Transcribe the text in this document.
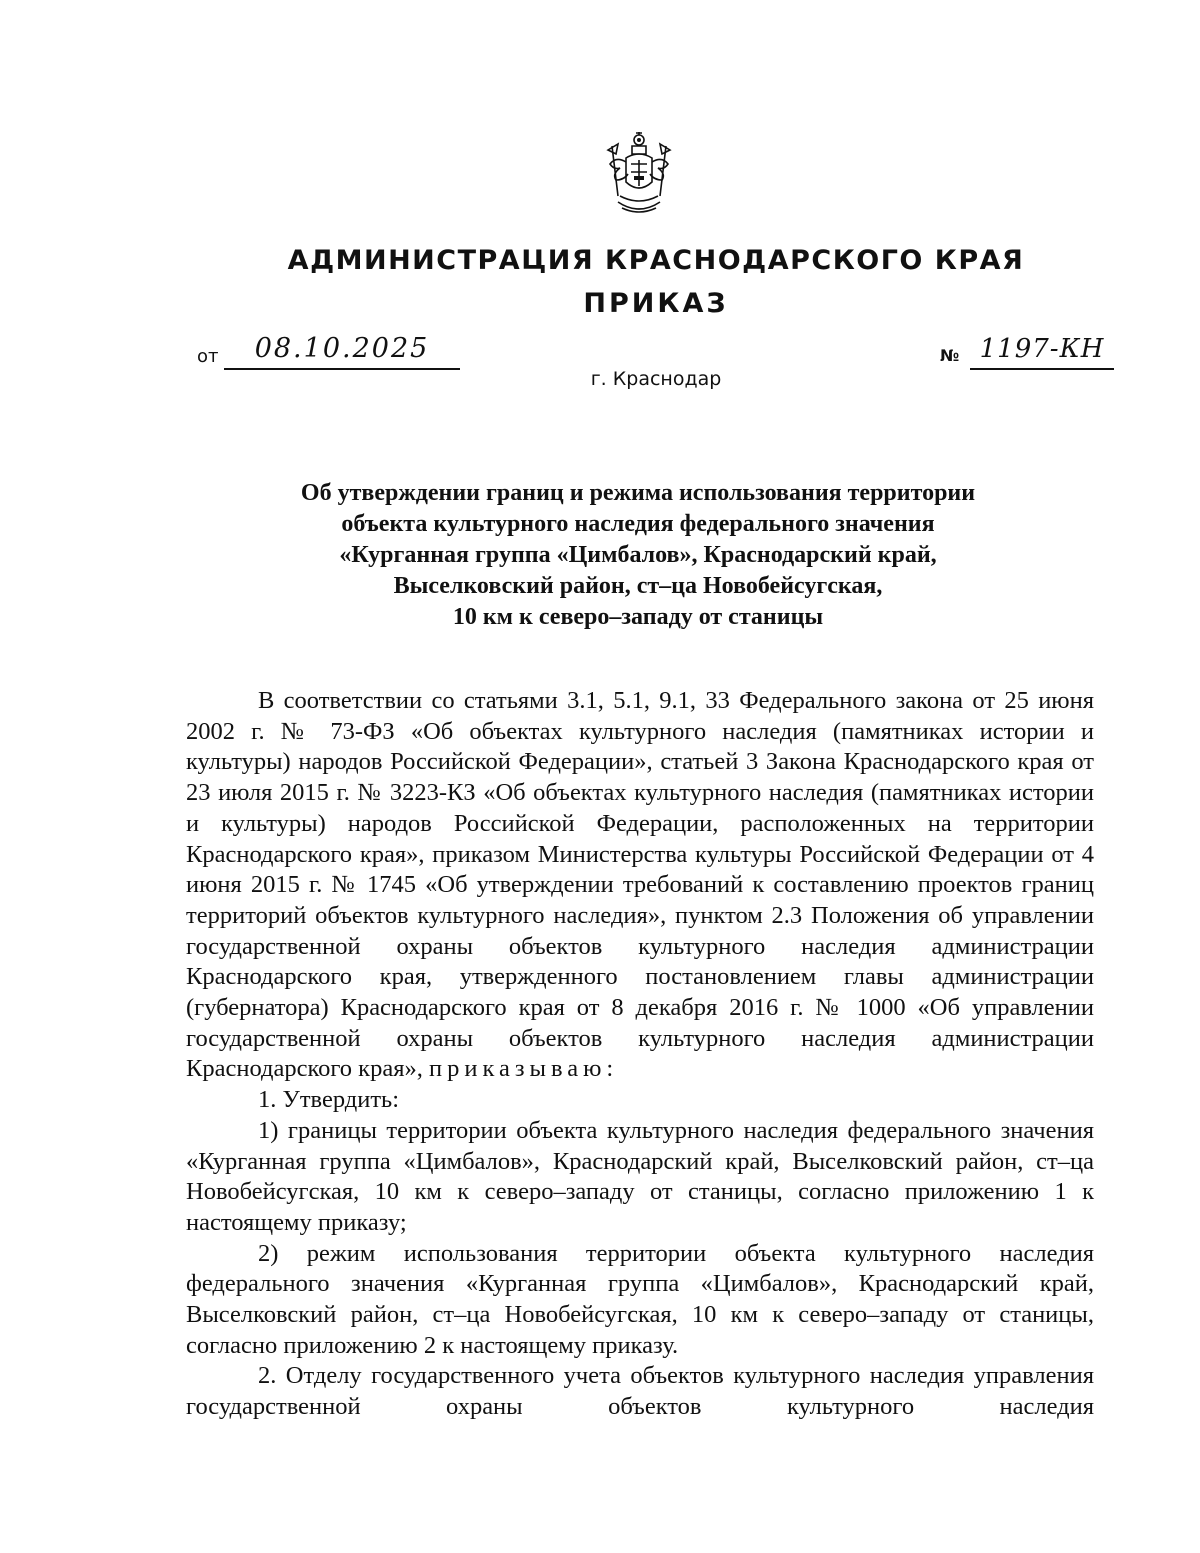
АДМИНИСТРАЦИЯ КРАСНОДАРСКОГО КРАЯ
ПРИКАЗ
от	08.10.2025	№ 1197-КН
г. Краснодар
Об утверждении границ и режима использования территории
объекта культурного наследия федерального значения
«Курганная группа «Цимбалов», Краснодарский край,
Выселковский район, ст–ца Новобейсугская,
10 км к северо–западу от станицы

В соответствии со статьями 3.1, 5.1, 9.1, 33 Федерального закона от 25 июня 2002 г. № 73-ФЗ «Об объектах культурного наследия (памятниках истории и культуры) народов Российской Федерации», статьей 3 Закона Краснодарского края от 23 июля 2015 г. № 3223-КЗ «Об объектах культурного наследия (памятниках истории и культуры) народов Российской Федерации, расположенных на территории Краснодарского края», приказом Министерства культуры Российской Федерации от 4 июня 2015 г. № 1745 «Об утверждении требований к составлению проектов границ территорий объектов культурного наследия», пунктом 2.3 Положения об управлении государственной охраны объектов культурного наследия администрации Краснодарского края, утвержденного постановлением главы администрации (губернатора) Краснодарского края от 8 декабря 2016 г. № 1000 «Об управлении государственной охраны объектов культурного наследия администрации Краснодарского края», приказываю:

1. Утвердить:

1) границы территории объекта культурного наследия федерального значения «Курганная группа «Цимбалов», Краснодарский край, Выселковский район, ст–ца Новобейсугская, 10 км к северо–западу от станицы, согласно приложению 1 к настоящему приказу;

2) режим использования территории объекта культурного наследия федерального значения «Курганная группа «Цимбалов», Краснодарский край, Выселковский район, ст–ца Новобейсугская, 10 км к северо–западу от станицы, согласно приложению 2 к настоящему приказу.

2. Отделу государственного учета объектов культурного наследия управления государственной охраны объектов культурного наследия
